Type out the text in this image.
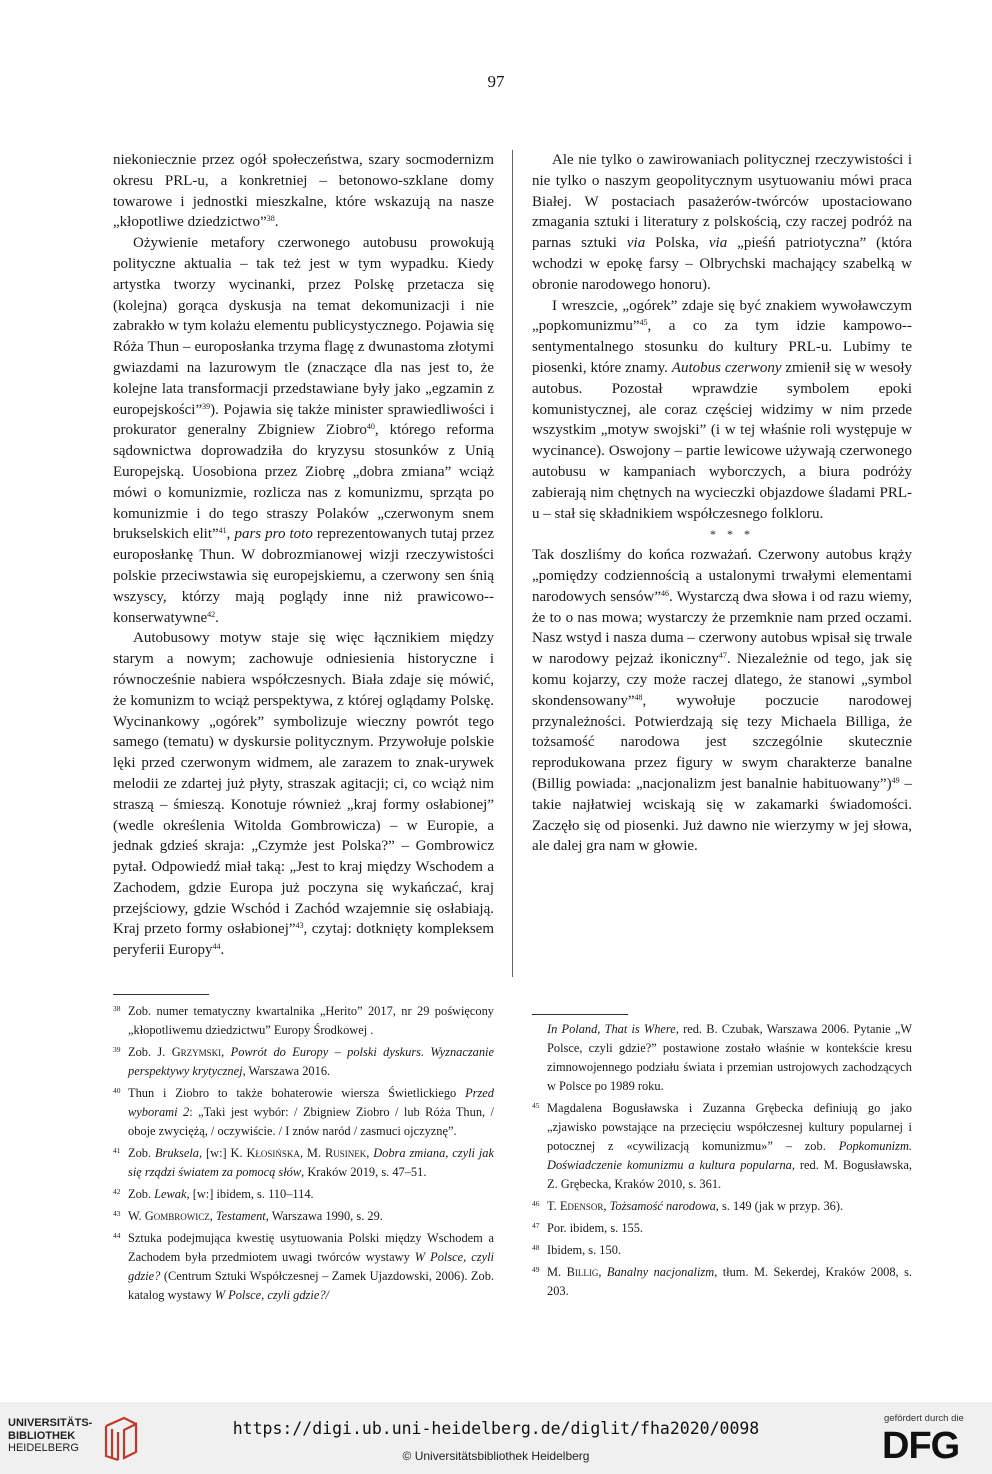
97

niekoniecznie przez ogół społeczeństwa, szary socmodernizm okresu PRL-u, a konkretniej – betonowo-szklane domy towarowe i jednostki mieszkalne, które wskazują na nasze „kłopotliwe dziedzictwo”$^{38}$.

Ożywienie metafory czerwonego autobusu prowokują polityczne aktualia – tak też jest w tym wypadku. Kiedy artystka tworzy wycinanki, przez Polskę przetacza się (kolejna) gorąca dyskusja na temat dekomunizacji i nie zabrakło w tym kolażu elementu publicystycznego. Pojawia się Róża Thun – europosłanka trzyma flagę z dwunastoma złotymi gwiazdami na lazurowym tle (znaczące dla nas jest to, że kolejne lata transformacji przedstawiane były jako „egzamin z europejskości”$^{39}$). Pojawia się także minister sprawiedliwości i prokurator generalny Zbigniew Ziobro$^{40}$, którego reforma sądownictwa doprowadziła do kryzysu stosunków z Unią Europejską. Uosobiona przez Ziobrę „dobra zmiana” wciąż mówi o komunizmie, rozlicza nas z komunizmu, sprząta po komunizmie i do tego straszy Polaków „czerwonym snem brukselskich elit”$^{41}$, pars pro toto reprezentowanych tutaj przez europosłankę Thun. W dobrozmianowej wizji rzeczywistości polskie przeciwstawia się europejskiemu, a czerwony sen śnią wszyscy, którzy mają poglądy inne niż prawicowo--konserwatywne$^{42}$.

Autobusowy motyw staje się więc łącznikiem między starym a nowym; zachowuje odniesienia historyczne i równocześnie nabiera współczesnych. Biała zdaje się mówić, że komunizm to wciąż perspektywa, z której oglądamy Polskę. Wycinankowy „ogórek” symbolizuje wieczny powrót tego samego (tematu) w dyskursie politycznym. Przywołuje polskie lęki przed czerwonym widmem, ale zarazem to znak-urywek melodii ze zdartej już płyty, straszak agitacji; ci, co wciąż nim straszą – śmieszą. Konotuje również „kraj formy osłabionej” (wedle określenia Witolda Gombrowicza) – w Europie, a jednak gdzieś skraja: „Czymże jest Polska?” – Gombrowicz pytał. Odpowiedź miał taką: „Jest to kraj między Wschodem a Zachodem, gdzie Europa już poczyna się wykańczać, kraj przejściowy, gdzie Wschód i Zachód wzajemnie się osłabiają. Kraj przeto formy osłabionej”$^{43}$, czytaj: dotknięty kompleksem peryferii Europy$^{44}$.

Ale nie tylko o zawirowaniach politycznej rzeczywistości i nie tylko o naszym geopolitycznym usytuowaniu mówi praca Białej. W postaciach pasażerów-twórców upostaciowano zmagania sztuki i literatury z polskością, czy raczej podróż na parnas sztuki via Polska, via „pieśń patriotyczna” (która wchodzi w epokę farsy – Olbrychski machający szabelką w obronie narodowego honoru).

I wreszcie, „ogórek” zdaje się być znakiem wywoławczym „popkomunizmu”$^{45}$, a co za tym idzie kampowo--sentymentalnego stosunku do kultury PRL-u. Lubimy te piosenki, które znamy. Autobus czerwony zmienił się w wesoły autobus. Pozostał wprawdzie symbolem epoki komunistycznej, ale coraz częściej widzimy w nim przede wszystkim „motyw swojski” (i w tej właśnie roli występuje w wycinance). Oswojony – partie lewicowe używają czerwonego autobusu w kampaniach wyborczych, a biura podróży zabierają nim chętnych na wycieczki objazdowe śladami PRL-u – stał się składnikiem współczesnego folkloru.

* * *

Tak doszliśmy do końca rozważań. Czerwony autobus krąży „pomiędzy codziennością a ustalonymi trwałymi elementami narodowych sensów”$^{46}$. Wystarczą dwa słowa i od razu wiemy, że to o nas mowa; wystarczy że przemknie nam przed oczami. Nasz wstyd i nasza duma – czerwony autobus wpisał się trwale w narodowy pejzaż ikoniczny$^{47}$. Niezależnie od tego, jak się komu kojarzy, czy może raczej dlatego, że stanowi „symbol skondensowany”$^{48}$, wywołuje poczucie narodowej przynależności. Potwierdzają się tezy Michaela Billiga, że tożsamość narodowa jest szczególnie skutecznie reprodukowana przez figury w swym charakterze banalne (Billig powiada: „nacjonalizm jest banalnie habituowany”)$^{49}$ – takie najłatwiej wciskają się w zakamarki świadomości. Zaczęło się od piosenki. Już dawno nie wierzymy w jej słowa, ale dalej gra nam w głowie.

38 Zob. numer tematyczny kwartalnika „Herito” 2017, nr 29 poświęcony „kłopotliwemu dziedzictwu” Europy Środkowej .
39 Zob. J. Grzymski, Powrót do Europy – polski dyskurs. Wyznaczanie perspektywy krytycznej, Warszawa 2016.
40 Thun i Ziobro to także bohaterowie wiersza Świetlickiego Przed wyborami 2: „Taki jest wybór: / Zbigniew Ziobro / lub Róża Thun, / oboje zwyciężą, / oczywiście. / I znów naród / zasmuci ojczyznę”.
41 Zob. Bruksela, [w:] K. Kłosińska, M. Rusinek, Dobra zmiana, czyli jak się rządzi światem za pomocą słów, Kraków 2019, s. 47–51.
42 Zob. Lewak, [w:] ibidem, s. 110–114.
43 W. Gombrowicz, Testament, Warszawa 1990, s. 29.
44 Sztuka podejmująca kwestię usytuowania Polski między Wschodem a Zachodem była przedmiotem uwagi twórców wystawy W Polsce, czyli gdzie? (Centrum Sztuki Współczesnej – Zamek Ujazdowski, 2006). Zob. katalog wystawy W Polsce, czyli gdzie?/
In Poland, That is Where, red. B. Czubak, Warszawa 2006. Pytanie „W Polsce, czyli gdzie?” postawione zostało właśnie w kontekście kresu zimnowojennego podziału świata i przemian ustrojowych zachodzących w Polsce po 1989 roku.
45 Magdalena Bogusławska i Zuzanna Grębecka definiują go jako „zjawisko powstające na przecięciu współczesnej kultury popularnej i potocznej z «cywilizacją komunizmu»” – zob. Popkomunizm. Doświadczenie komunizmu a kultura popularna, red. M. Bogusławska, Z. Grębecka, Kraków 2010, s. 361.
46 T. Edensor, Tożsamość narodowa, s. 149 (jak w przyp. 36).
47 Por. ibidem, s. 155.
48 Ibidem, s. 150.
49 M. Billig, Banalny nacjonalizm, tłum. M. Sekerdej, Kraków 2008, s. 203.
UNIVERSITÄTS-
BIBLIOTHEK
HEIDELBERG
https://digi.ub.uni-heidelberg.de/diglit/fha2020/0098
© Universitätsbibliothek Heidelberg
gefördert durch die
DFG
